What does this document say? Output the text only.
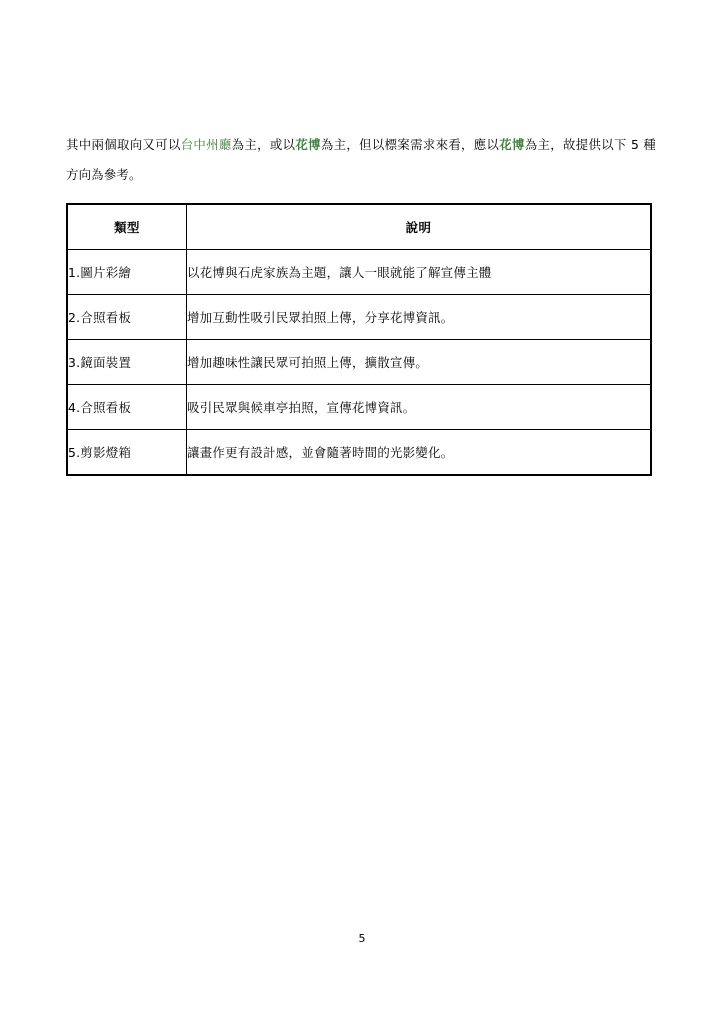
其中兩個取向又可以台中州廳為主，或以花博為主，但以標案需求來看，應以花博為主，故提供以下 5 種方向為參考。

類型	說明
1.圖片彩繪	以花博與石虎家族為主題，讓人一眼就能了解宣傳主體
2.合照看板	增加互動性吸引民眾拍照上傳，分享花博資訊。
3.鏡面裝置	增加趣味性讓民眾可拍照上傳，擴散宣傳。
4.合照看板	吸引民眾與候車亭拍照，宣傳花博資訊。
5.剪影燈箱	讓畫作更有設計感，並會隨著時間的光影變化。
5
